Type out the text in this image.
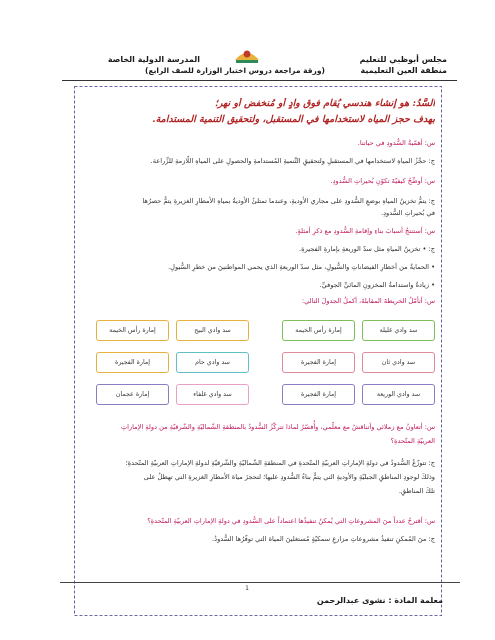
مجلس أبوظبي للتعليم
منطقة العين التعليمية
المدرسة الدولية الخاصة
(ورقة مراجعة دروس اختبار الوزارة للصف الرابع)
السَّدُ: هو إنشاء هندسي يُقام فوق وادٍ أو مُنخفض أو نهر؛
بهدف حجز المياه لاستخدامها في المستقبل، ولتحقيق التنمية المستدامة.
س: أهمّيةُ السُّدودِ في حياتنا.
ج: حجْزُ المياهِ لاستخدامها في المستقبلِ ولتحقيقِ التَّنميةِ المُستدامةِ والحصولِ على المياهِ اللّازمةِ للزِّراعة.
س: أوضِّحُ كيفيّةَ تكوّنِ بُحيراتِ السُّدودِ.
ج: يتمُّ تخزينُ المياهِ بوضعِ السُّدودِ على مجاري الأوديةِ، وعندما تمتلئُ الأوديةُ بمياهِ الأمطارِ الغزيرةِ يتمُّ حصرُها
في بُحيراتِ السُّدودِ.
س: أستنتجُ أسبابَ بناءِ وإقامةِ السُّدودِ مع ذكرِ أمثلةٍ.
ج: • تخزينُ المياهِ مثل سدّ الوريعةِ بإمارةِ الفجيرةِ.
• الحمايةُ من أخطارِ الفيضاناتِ والسُّيولِ، مثل سدّ الوريعةِ الذي يحمي المواطنينَ من خطرِ السُّيولِ.
• زيادةُ واستدامةُ المخزونِ المائيِّ الجوفيِّ.
س: أتأمّلُ الخريطةَ المقابلةَ، أكملُ الجدولَ التالي:
سد وادي غليلة
إمارة رأس الخيمة
سد وادي البيح
إمارة رأس الخيمة
سد وادي ثان
إمارة الفجيرة
سد وادي حام
إمارة الفجيرة
سد وادي الوريعة
إمارة الفجيرة
سد وادي غلفاء
إمارة عجمان
س: أتعاونُ مع زملائي وأتناقشُ مع معلّمي، وأُفسّرُ لماذا تتركّزُ السُّدودُ بالمنطقةِ الشّماليّةِ والشّرقيّةِ من دولةِ الإماراتِ
العربيّةِ المتّحدةِ؟
ج: تتوزّعُ السُّدودُ في دولةِ الإماراتِ العربيّةِ المتّحدةِ في المنطقةِ الشّماليّةِ والشّرقيّةِ لدولةِ الإماراتِ العربيّةِ المتّحدةِ؛
وذلكَ لوجودِ المناطقِ الجبليّةِ والأوديةِ التي يتمُّ بناءُ السُّدودِ عليها؛ لتحجزَ مياهَ الأمطارِ الغزيرةِ التي تهطلُ على
تلكَ المناطقِ.
س: أقترحُ عدداً منَ المشروعاتِ التي يُمكنُ تنفيذُها اعتماداً على السُّدودِ في دولةِ الإماراتِ العربيّةِ المتّحدةِ؟
ج: منَ المُمكنِ تنفيذُ مشروعاتِ مزارعِ سمكيّةٍ مُستغلينَ المياهَ التي توفّرُها السُّدودُ.
1
معلمة المادة : نشوى عبدالرحمن
